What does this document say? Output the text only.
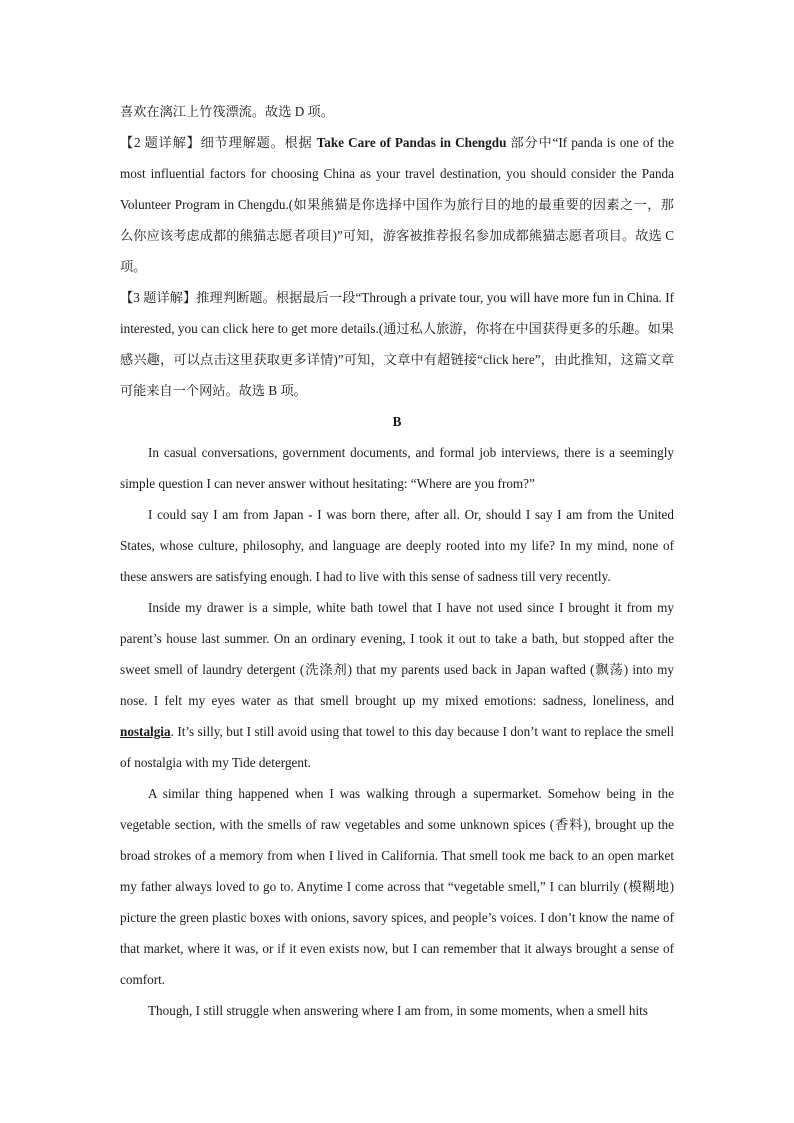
喜欢在漓江上竹筏漂流。故选 D 项。

【2 题详解】细节理解题。根据 Take Care of Pandas in Chengdu 部分中“If panda is one of the most influential factors for choosing China as your travel destination, you should consider the Panda Volunteer Program in Chengdu.(如果熊猫是你选择中国作为旅行目的地的最重要的因素之一，那么你应该考虑成都的熊猫志愿者项目)”可知，游客被推荐报名参加成都熊猫志愿者项目。故选 C 项。

【3 题详解】推理判断题。根据最后一段“Through a private tour, you will have more fun in China. If interested, you can click here to get more details.(通过私人旅游，你将在中国获得更多的乐趣。如果感兴趣，可以点击这里获取更多详情)”可知，文章中有超链接“click here”，由此推知，这篇文章可能来自一个网站。故选 B 项。

B

In casual conversations, government documents, and formal job interviews, there is a seemingly simple question I can never answer without hesitating: “Where are you from?”

I could say I am from Japan - I was born there, after all. Or, should I say I am from the United States, whose culture, philosophy, and language are deeply rooted into my life? In my mind, none of these answers are satisfying enough. I had to live with this sense of sadness till very recently.

Inside my drawer is a simple, white bath towel that I have not used since I brought it from my parent’s house last summer. On an ordinary evening, I took it out to take a bath, but stopped after the sweet smell of laundry detergent (洗涤剂) that my parents used back in Japan wafted (飘荡) into my nose. I felt my eyes water as that smell brought up my mixed emotions: sadness, loneliness, and nostalgia. It’s silly, but I still avoid using that towel to this day because I don’t want to replace the smell of nostalgia with my Tide detergent.

A similar thing happened when I was walking through a supermarket. Somehow being in the vegetable section, with the smells of raw vegetables and some unknown spices (香料), brought up the broad strokes of a memory from when I lived in California. That smell took me back to an open market my father always loved to go to. Anytime I come across that “vegetable smell,” I can blurrily (模糊地) picture the green plastic boxes with onions, savory spices, and people’s voices. I don’t know the name of that market, where it was, or if it even exists now, but I can remember that it always brought a sense of comfort.

Though, I still struggle when answering where I am from, in some moments, when a smell hits
